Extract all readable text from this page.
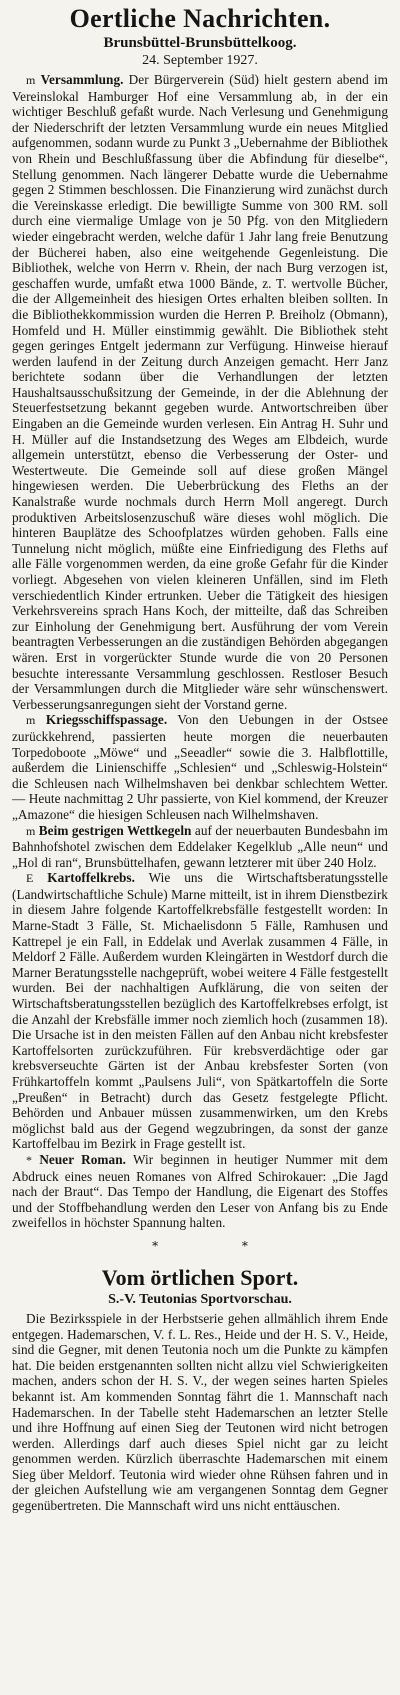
Oertliche Nachrichten.
Brunsbüttel-Brunsbüttelkoog.
24. September 1927.

m Versammlung. Der Bürgerverein (Süd) hielt gestern abend im Vereinslokal Hamburger Hof eine Versammlung ab, in der ein wichtiger Beschluß gefaßt wurde. Nach Verlesung und Genehmigung der Niederschrift der letzten Versammlung wurde ein neues Mitglied aufgenommen, sodann wurde zu Punkt 3 „Uebernahme der Bibliothek von Rhein und Beschlußfassung über die Abfindung für dieselbe“, Stellung genommen. Nach längerer Debatte wurde die Uebernahme gegen 2 Stimmen beschlossen. Die Finanzierung wird zunächst durch die Vereinskasse erledigt. Die bewilligte Summe von 300 RM. soll durch eine viermalige Umlage von je 50 Pfg. von den Mitgliedern wieder eingebracht werden, welche dafür 1 Jahr lang freie Benutzung der Bücherei haben, also eine weitgehende Gegenleistung. Die Bibliothek, welche von Herrn v. Rhein, der nach Burg verzogen ist, geschaffen wurde, umfaßt etwa 1000 Bände, z. T. wertvolle Bücher, die der Allgemeinheit des hiesigen Ortes erhalten bleiben sollten. In die Bibliothekkommission wurden die Herren P. Breiholz (Obmann), Homfeld und H. Müller einstimmig gewählt. Die Bibliothek steht gegen geringes Entgelt jedermann zur Verfügung. Hinweise hierauf werden laufend in der Zeitung durch Anzeigen gemacht. Herr Janz berichtete sodann über die Verhandlungen der letzten Haushaltsausschußsitzung der Gemeinde, in der die Ablehnung der Steuerfestsetzung bekannt gegeben wurde. Antwortschreiben über Eingaben an die Gemeinde wurden verlesen. Ein Antrag H. Suhr und H. Müller auf die Instandsetzung des Weges am Elbdeich, wurde allgemein unterstützt, ebenso die Verbesserung der Oster- und Westertweute. Die Gemeinde soll auf diese großen Mängel hingewiesen werden. Die Ueberbrückung des Fleths an der Kanalstraße wurde nochmals durch Herrn Moll angeregt. Durch produktiven Arbeitslosenzuschuß wäre dieses wohl möglich. Die hinteren Bauplätze des Schoofplatzes würden gehoben. Falls eine Tunnelung nicht möglich, müßte eine Einfriedigung des Fleths auf alle Fälle vorgenommen werden, da eine große Gefahr für die Kinder vorliegt. Abgesehen von vielen kleineren Unfällen, sind im Fleth verschiedentlich Kinder ertrunken. Ueber die Tätigkeit des hiesigen Verkehrsvereins sprach Hans Koch, der mitteilte, daß das Schreiben zur Einholung der Genehmigung bert. Ausführung der vom Verein beantragten Verbesserungen an die zuständigen Behörden abgegangen wären. Erst in vorgerückter Stunde wurde die von 20 Personen besuchte interessante Versammlung geschlossen. Restloser Besuch der Versammlungen durch die Mitglieder wäre sehr wünschenswert. Verbesserungsanregungen sieht der Vorstand gerne.

m Kriegsschiffspassage. Von den Uebungen in der Ostsee zurückkehrend, passierten heute morgen die neuerbauten Torpedoboote „Möwe“ und „Seeadler“ sowie die 3. Halbflottille, außerdem die Linienschiffe „Schlesien“ und „Schleswig-Holstein“ die Schleusen nach Wilhelmshaven bei denkbar schlechtem Wetter. — Heute nachmittag 2 Uhr passierte, von Kiel kommend, der Kreuzer „Amazone“ die hiesigen Schleusen nach Wilhelmshaven.

m Beim gestrigen Wettkegeln auf der neuerbauten Bundesbahn im Bahnhofshotel zwischen dem Eddelaker Kegelklub „Alle neun“ und „Hol di ran“, Brunsbüttelhafen, gewann letzterer mit über 240 Holz.

E Kartoffelkrebs. Wie uns die Wirtschaftsberatungsstelle (Landwirtschaftliche Schule) Marne mitteilt, ist in ihrem Dienstbezirk in diesem Jahre folgende Kartoffelkrebsfälle festgestellt worden: In Marne-Stadt 3 Fälle, St. Michaelisdonn 5 Fälle, Ramhusen und Kattrepel je ein Fall, in Eddelak und Averlak zusammen 4 Fälle, in Meldorf 2 Fälle. Außerdem wurden Kleingärten in Westdorf durch die Marner Beratungsstelle nachgeprüft, wobei weitere 4 Fälle festgestellt wurden. Bei der nachhaltigen Aufklärung, die von seiten der Wirtschaftsberatungsstellen bezüglich des Kartoffelkrebses erfolgt, ist die Anzahl der Krebsfälle immer noch ziemlich hoch (zusammen 18). Die Ursache ist in den meisten Fällen auf den Anbau nicht krebsfester Kartoffelsorten zurückzuführen. Für krebsverdächtige oder gar krebsverseuchte Gärten ist der Anbau krebsfester Sorten (von Frühkartoffeln kommt „Paulsens Juli“, von Spätkartoffeln die Sorte „Preußen“ in Betracht) durch das Gesetz festgelegte Pflicht. Behörden und Anbauer müssen zusammenwirken, um den Krebs möglichst bald aus der Gegend wegzubringen, da sonst der ganze Kartoffelbau im Bezirk in Frage gestellt ist.

* Neuer Roman. Wir beginnen in heutiger Nummer mit dem Abdruck eines neuen Romanes von Alfred Schirokauer: „Die Jagd nach der Braut“. Das Tempo der Handlung, die Eigenart des Stoffes und der Stoffbehandlung werden den Leser von Anfang bis zu Ende zweifellos in höchster Spannung halten.

* *
Vom örtlichen Sport.
S.-V. Teutonias Sportvorschau.

Die Bezirksspiele in der Herbstserie gehen allmählich ihrem Ende entgegen. Hademarschen, V. f. L. Res., Heide und der H. S. V., Heide, sind die Gegner, mit denen Teutonia noch um die Punkte zu kämpfen hat. Die beiden erstgenannten sollten nicht allzu viel Schwierigkeiten machen, anders schon der H. S. V., der wegen seines harten Spieles bekannt ist. Am kommenden Sonntag fährt die 1. Mannschaft nach Hademarschen. In der Tabelle steht Hademarschen an letzter Stelle und ihre Hoffnung auf einen Sieg der Teutonen wird nicht betrogen werden. Allerdings darf auch dieses Spiel nicht gar zu leicht genommen werden. Kürzlich überraschte Hademarschen mit einem Sieg über Meldorf. Teutonia wird wieder ohne Rühsen fahren und in der gleichen Aufstellung wie am vergangenen Sonntag dem Gegner gegenübertreten. Die Mannschaft wird uns nicht enttäuschen.
